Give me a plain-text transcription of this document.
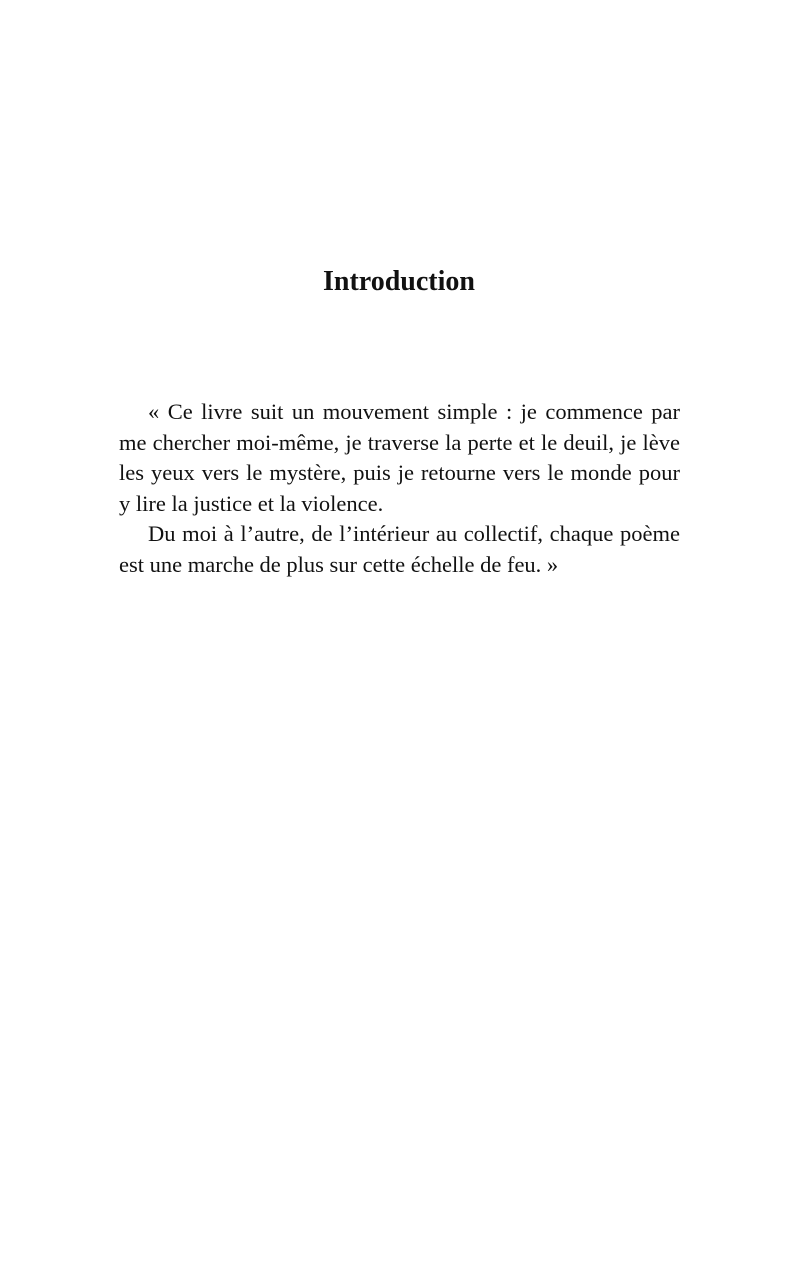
Introduction

« Ce livre suit un mouvement simple : je commence par me chercher moi-même, je traverse la perte et le deuil, je lève les yeux vers le mystère, puis je retourne vers le monde pour y lire la justice et la violence.

Du moi à l’autre, de l’intérieur au collectif, chaque poème est une marche de plus sur cette échelle de feu. »
